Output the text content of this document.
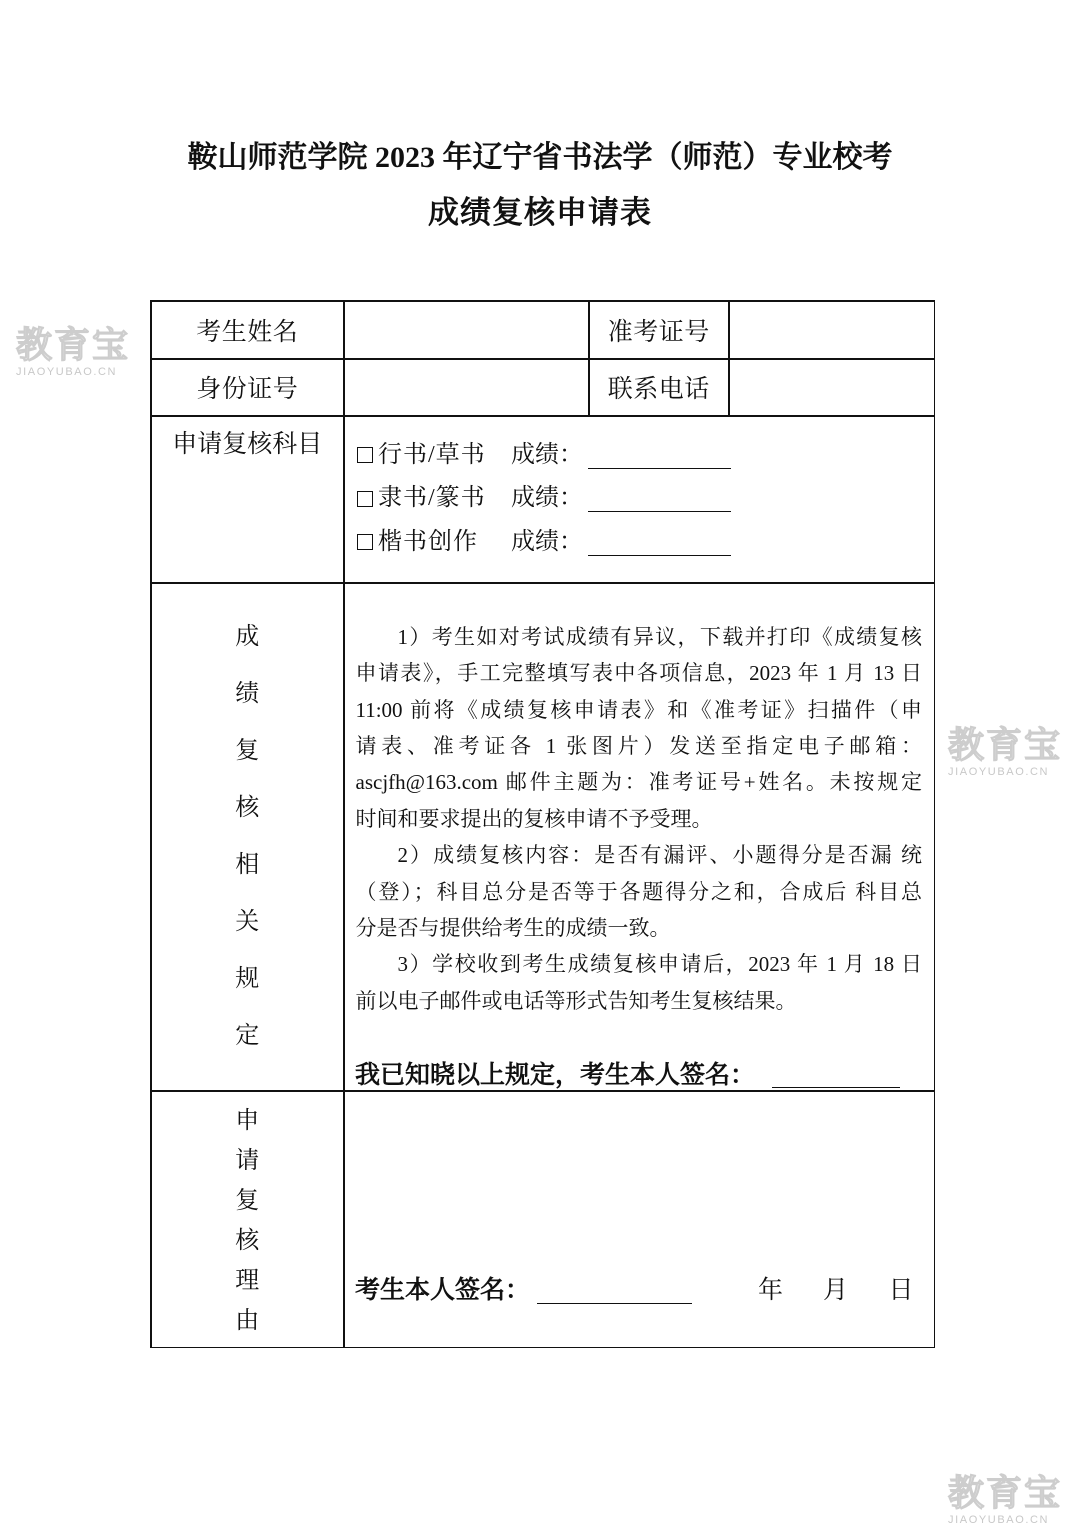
鞍山师范学院 2023 年辽宁省书法学（师范）专业校考
成绩复核申请表
考生姓名	准考证号
身份证号	联系电话
申请复核科目	行书/草书 成绩：
隶书/篆书 成绩：
楷书创作 成绩：
成绩复核相关规定
1）考生如对考试成绩有异议，下载并打印《成绩复核
申请表》，手工完整填写表中各项信息，2023 年 1 月 13 日
11:00 前将《成绩复核申请表》和《准考证》扫描件（申
请表、准考证各 1 张图片）发送至指定电子邮箱：
ascjfh@163.com 邮件主题为：准考证号+姓名。未按规定
时间和要求提出的复核申请不予受理。
2）成绩复核内容：是否有漏评、小题得分是否漏 统
（登）；科目总分是否等于各题得分之和，合成后 科目总
分是否与提供给考生的成绩一致。
3）学校收到考生成绩复核申请后，2023 年 1 月 18 日
前以电子邮件或电话等形式告知考生复核结果。
我已知晓以上规定，考生本人签名：
申请复核理由
考生本人签名：	年 月 日
教育宝
JIAOYUBAO.CN
教育宝
JIAOYUBAO.CN
教育宝
JIAOYUBAO.CN
